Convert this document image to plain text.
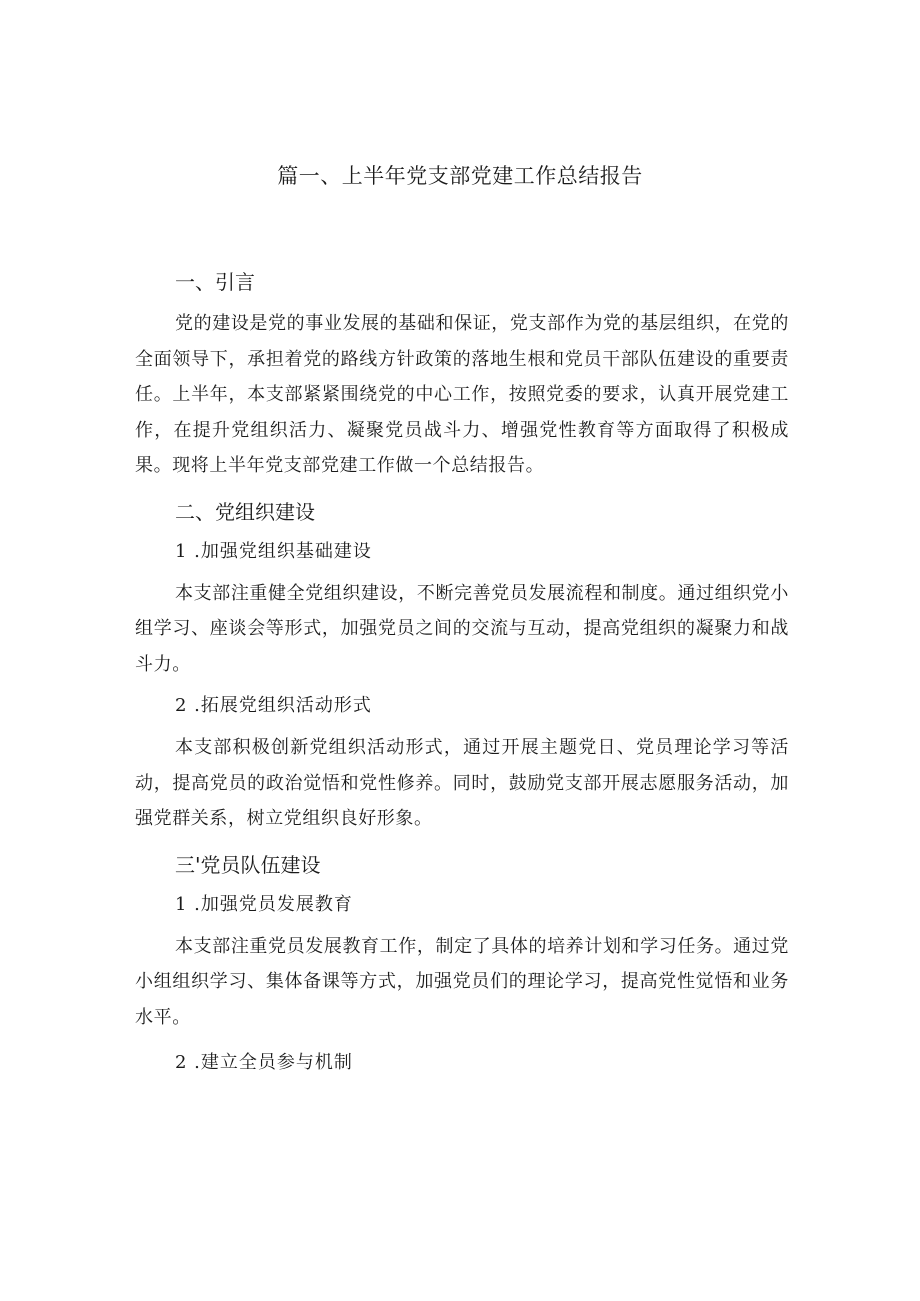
篇一、上半年党支部党建工作总结报告
一、引言

党的建设是党的事业发展的基础和保证，党支部作为党的基层组织，在党的全面领导下，承担着党的路线方针政策的落地生根和党员干部队伍建设的重要责任。上半年，本支部紧紧围绕党的中心工作，按照党委的要求，认真开展党建工作，在提升党组织活力、凝聚党员战斗力、增强党性教育等方面取得了积极成果。现将上半年党支部党建工作做一个总结报告。

二、党组织建设
1 .加强党组织基础建设

本支部注重健全党组织建设，不断完善党员发展流程和制度。通过组织党小组学习、座谈会等形式，加强党员之间的交流与互动，提高党组织的凝聚力和战斗力。

2 .拓展党组织活动形式

本支部积极创新党组织活动形式，通过开展主题党日、党员理论学习等活动，提高党员的政治觉悟和党性修养。同时，鼓励党支部开展志愿服务活动，加强党群关系，树立党组织良好形象。

三'党员队伍建设
1 .加强党员发展教育

本支部注重党员发展教育工作，制定了具体的培养计划和学习任务。通过党小组组织学习、集体备课等方式，加强党员们的理论学习，提高党性觉悟和业务水平。

2 .建立全员参与机制
